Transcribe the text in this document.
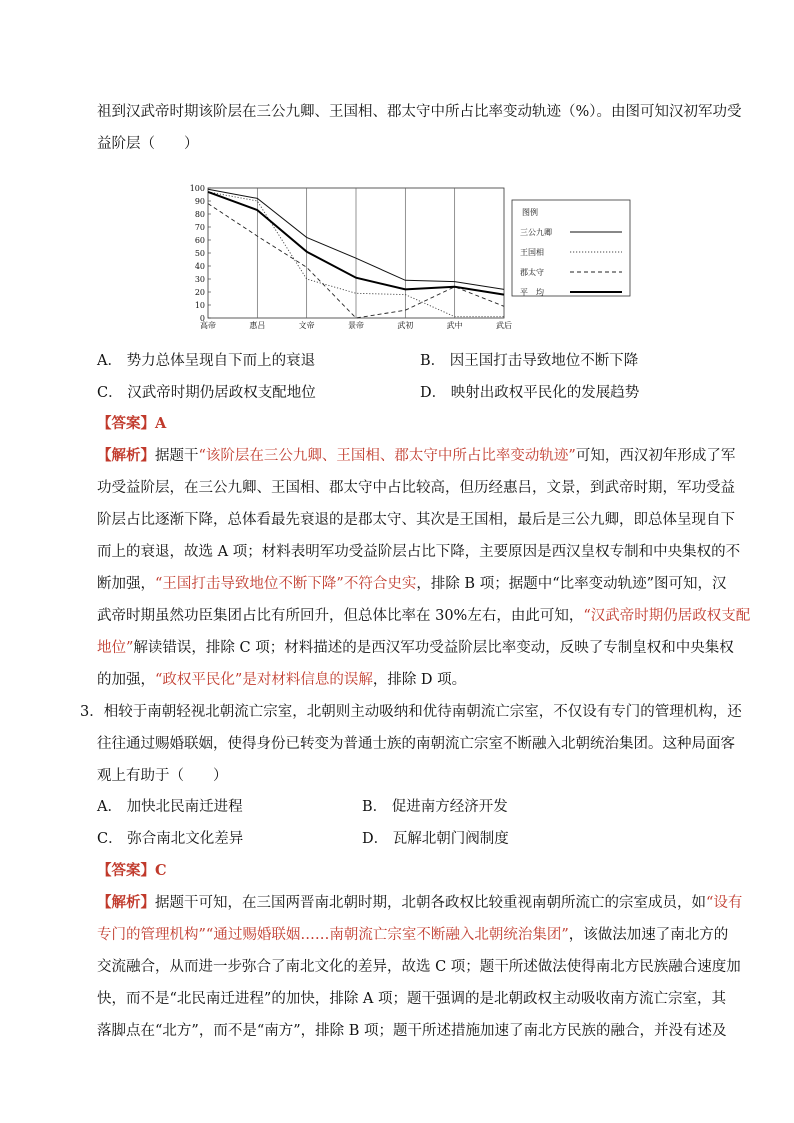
祖到汉武帝时期该阶层在三公九卿、王国相、郡太守中所占比率变动轨迹（%）。由图可知汉初军功受
益阶层（　　）
0
10
20
30
40
50
60
70
80
90
100
高帝	惠吕	文帝	景帝	武初	武中	武后
图例
三公九卿
王国相
郡太守
平　均
A． 势力总体呈现自下而上的衰退	B． 因王国打击导致地位不断下降
C． 汉武帝时期仍居政权支配地位	D． 映射出政权平民化的发展趋势
【答案】A
【解析】据题干“该阶层在三公九卿、王国相、郡太守中所占比率变动轨迹”可知，西汉初年形成了军
功受益阶层，在三公九卿、王国相、郡太守中占比较高，但历经惠吕，文景，到武帝时期，军功受益
阶层占比逐渐下降，总体看最先衰退的是郡太守、其次是王国相，最后是三公九卿，即总体呈现自下
而上的衰退，故选 A 项；材料表明军功受益阶层占比下降，主要原因是西汉皇权专制和中央集权的不
断加强，“王国打击导致地位不断下降”不符合史实，排除 B 项；据题中“比率变动轨迹”图可知，汉
武帝时期虽然功臣集团占比有所回升，但总体比率在 30%左右，由此可知，“汉武帝时期仍居政权支配
地位”解读错误，排除 C 项；材料描述的是西汉军功受益阶层比率变动，反映了专制皇权和中央集权
的加强，“政权平民化”是对材料信息的误解，排除 D 项。
3．相较于南朝轻视北朝流亡宗室，北朝则主动吸纳和优待南朝流亡宗室，不仅设有专门的管理机构，还
往往通过赐婚联姻，使得身份已转变为普通士族的南朝流亡宗室不断融入北朝统治集团。这种局面客
观上有助于（　　）
A． 加快北民南迁进程	B． 促进南方经济开发
C． 弥合南北文化差异	D． 瓦解北朝门阀制度
【答案】C
【解析】据题干可知，在三国两晋南北朝时期，北朝各政权比较重视南朝所流亡的宗室成员，如“设有
专门的管理机构”“通过赐婚联姻……南朝流亡宗室不断融入北朝统治集团”，该做法加速了南北方的
交流融合，从而进一步弥合了南北文化的差异，故选 C 项；题干所述做法使得南北方民族融合速度加
快，而不是“北民南迁进程”的加快，排除 A 项；题干强调的是北朝政权主动吸收南方流亡宗室，其
落脚点在“北方”，而不是“南方”，排除 B 项；题干所述措施加速了南北方民族的融合，并没有述及
